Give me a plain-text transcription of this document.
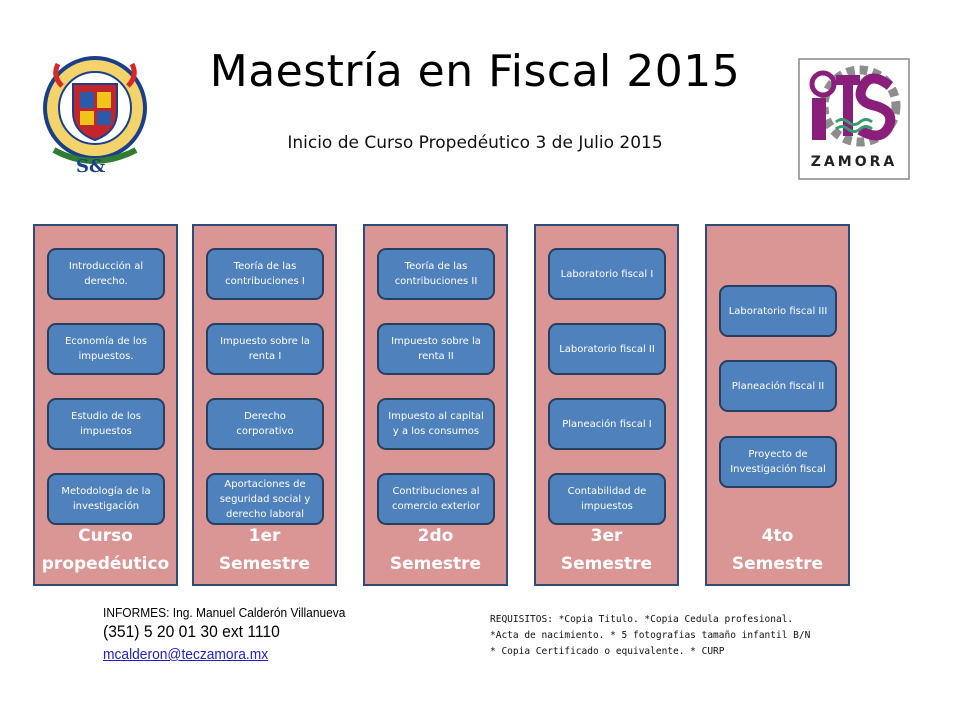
S&
Maestría en Fiscal 2015
Inicio de Curso Propedéutico 3 de Julio 2015
ZAMORA
Introducción al derecho.
Economía de los impuestos.
Estudio de los impuestos
Metodología de la investigación
Curso
propedéutico
Teoría de las contribuciones I
Impuesto sobre la renta I
Derecho corporativo
Aportaciones de seguridad social y derecho laboral
1er
Semestre
Teoría de las contribuciones II
Impuesto sobre la renta II
Impuesto al capital y a los consumos
Contribuciones al comercio exterior
2do
Semestre
Laboratorio fiscal I
Laboratorio fiscal II
Planeación fiscal I
Contabilidad de impuestos
3er
Semestre
Laboratorio fiscal III
Planeación fiscal II
Proyecto de Investigación fiscal
4to
Semestre
INFORMES: Ing. Manuel Calderón Villanueva
(351) 5 20 01 30 ext 1110
mcalderon@teczamora.mx
REQUISITOS: *Copia Titulo. *Copia Cedula profesional.
*Acta de nacimiento. * 5 fotografias tamaño infantil B/N
* Copia Certificado o equivalente. * CURP
